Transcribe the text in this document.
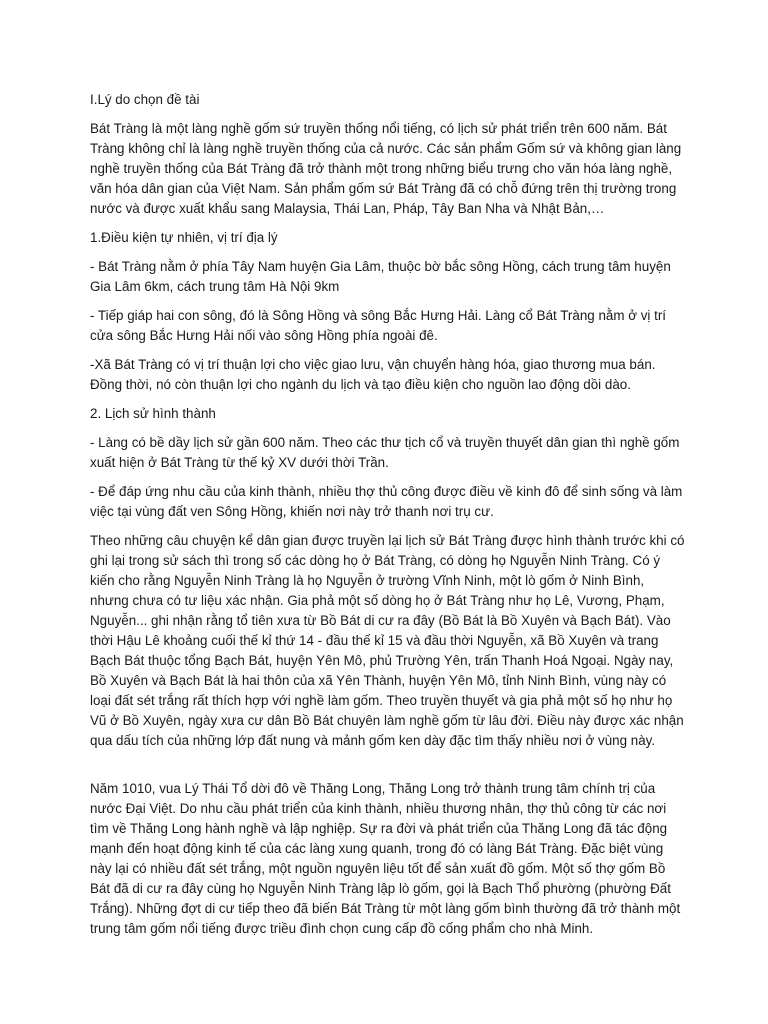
I.Lý do chọn đề tài

Bát Tràng là một làng nghề gốm sứ truyền thống nổi tiếng, có lịch sử phát triển trên 600 năm. Bát Tràng không chỉ là làng nghề truyền thống của cả nước. Các sản phẩm Gốm sứ và không gian làng nghề truyền thống của Bát Tràng đã trở thành một trong những biểu trưng cho văn hóa làng nghề, văn hóa dân gian của Việt Nam. Sản phẩm gốm sứ Bát Tràng đã có chỗ đứng trên thị trường trong nước và được xuất khẩu sang Malaysia, Thái Lan, Pháp, Tây Ban Nha và Nhật Bản,…

1.Điều kiện tự nhiên, vị trí địa lý

- Bát Tràng nằm ở phía Tây Nam huyện Gia Lâm, thuộc bờ bắc sông Hồng, cách trung tâm huyện Gia Lâm 6km, cách trung tâm Hà Nội 9km

- Tiếp giáp hai con sông, đó là Sông Hồng và sông Bắc Hưng Hải. Làng cổ Bát Tràng nằm ở vị trí cửa sông Bắc Hưng Hải nối vào sông Hồng phía ngoài đê.

-Xã Bát Tràng có vị trí thuận lợi cho việc giao lưu, vận chuyển hàng hóa, giao thương mua bán. Đồng thời, nó còn thuận lợi cho ngành du lịch và tạo điều kiện cho nguồn lao động dồi dào.

2. Lịch sử hình thành

- Làng có bề dầy lịch sử gần 600 năm. Theo các thư tịch cổ và truyền thuyết dân gian thì nghề gốm xuất hiện ở Bát Tràng từ thế kỷ XV dưới thời Trần.

- Để đáp ứng nhu cầu của kinh thành, nhiều thợ thủ công được điều về kinh đô để sinh sống và làm việc tại vùng đất ven Sông Hồng, khiến nơi này trở thanh nơi trụ cư.

Theo những câu chuyện kể dân gian được truyền lại lịch sử Bát Tràng được hình thành trước khi có ghi lại trong sử sách thì trong số các dòng họ ở Bát Tràng, có dòng họ Nguyễn Ninh Tràng. Có ý kiến cho rằng Nguyễn Ninh Tràng là họ Nguyễn ở trường Vĩnh Ninh, một lò gốm ở Ninh Bình, nhưng chưa có tư liệu xác nhận. Gia phả một số dòng họ ở Bát Tràng như họ Lê, Vương, Phạm, Nguyễn... ghi nhận rằng tổ tiên xưa từ Bồ Bát di cư ra đây (Bồ Bát là Bồ Xuyên và Bạch Bát). Vào thời Hậu Lê khoảng cuối thế kỉ thứ 14 - đầu thế kỉ 15 và đầu thời Nguyễn, xã Bồ Xuyên và trang Bạch Bát thuộc tổng Bạch Bát, huyện Yên Mô, phủ Trường Yên, trấn Thanh Hoá Ngoại. Ngày nay, Bồ Xuyên và Bạch Bát là hai thôn của xã Yên Thành, huyện Yên Mô, tỉnh Ninh Bình, vùng này có loại đất sét trắng rất thích hợp với nghề làm gốm. Theo truyền thuyết và gia phả một số họ như họ Vũ ở Bồ Xuyên, ngày xưa cư dân Bồ Bát chuyên làm nghề gốm từ lâu đời. Điều này được xác nhận qua dấu tích của những lớp đất nung và mảnh gốm ken dày đặc tìm thấy nhiều nơi ở vùng này.

Năm 1010, vua Lý Thái Tổ dời đô về Thăng Long, Thăng Long trở thành trung tâm chính trị của nước Đại Việt. Do nhu cầu phát triển của kinh thành, nhiều thương nhân, thợ thủ công từ các nơi tìm về Thăng Long hành nghề và lập nghiệp. Sự ra đời và phát triển của Thăng Long đã tác động mạnh đến hoạt động kinh tế của các làng xung quanh, trong đó có làng Bát Tràng. Đặc biệt vùng này lại có nhiều đất sét trắng, một nguồn nguyên liệu tốt để sản xuất đồ gốm. Một số thợ gốm Bồ Bát đã di cư ra đây cùng họ Nguyễn Ninh Tràng lập lò gốm, gọi là Bạch Thổ phường (phường Đất Trắng). Những đợt di cư tiếp theo đã biến Bát Tràng từ một làng gốm bình thường đã trở thành một trung tâm gốm nổi tiếng được triều đình chọn cung cấp đồ cống phẩm cho nhà Minh.
